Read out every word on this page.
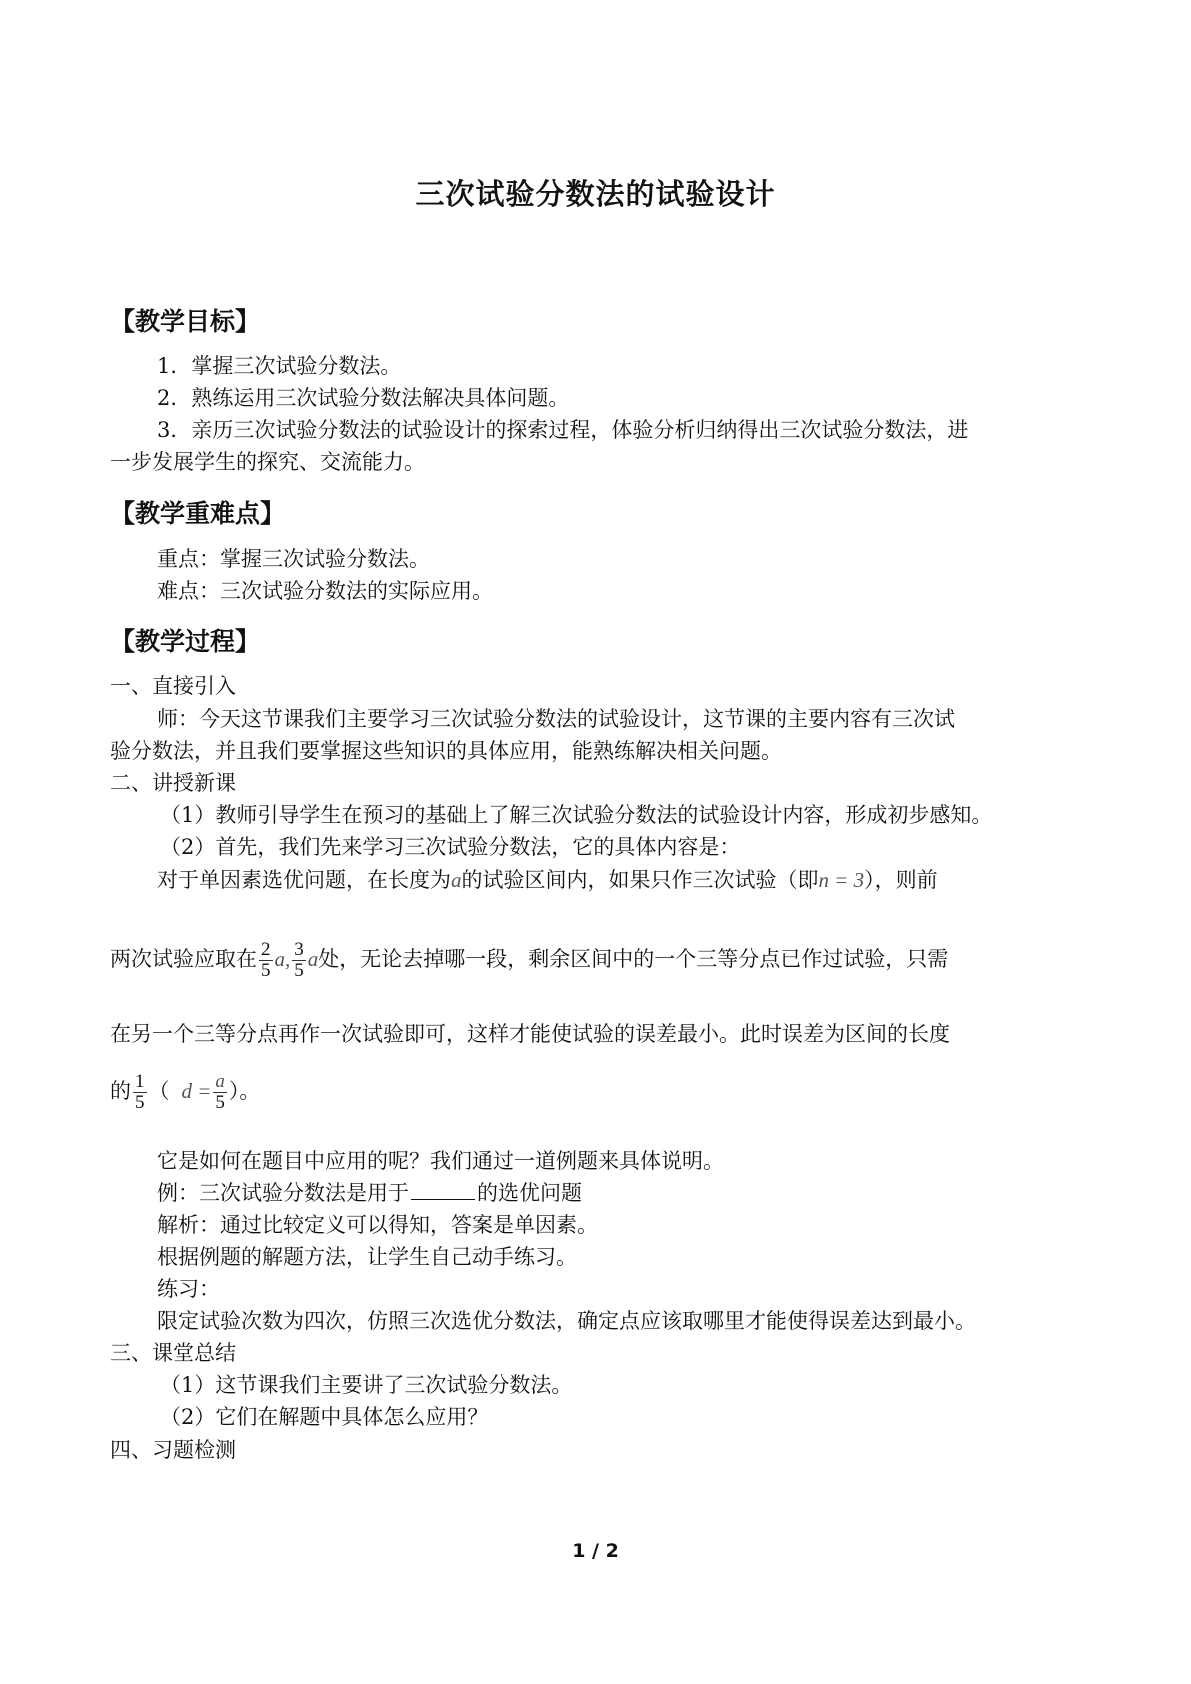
三次试验分数法的试验设计
【教学目标】
1．掌握三次试验分数法。
2．熟练运用三次试验分数法解决具体问题。
3．亲历三次试验分数法的试验设计的探索过程，体验分析归纳得出三次试验分数法，进
一步发展学生的探究、交流能力。
【教学重难点】
重点：掌握三次试验分数法。
难点：三次试验分数法的实际应用。
【教学过程】
一、直接引入
师：今天这节课我们主要学习三次试验分数法的试验设计，这节课的主要内容有三次试
验分数法，并且我们要掌握这些知识的具体应用，能熟练解决相关问题。
二、讲授新课
（1）教师引导学生在预习的基础上了解三次试验分数法的试验设计内容，形成初步感知。
（2）首先，我们先来学习三次试验分数法，它的具体内容是：
对于单因素选优问题，在长度为a的试验区间内，如果只作三次试验（即n = 3），则前
两次试验应取在 $\frac{2}{5} a$, $\frac{3}{5}$ a处，无论去掉哪一段，剩余区间中的一个三等分点已作过试验，只需
在另一个三等分点再作一次试验即可，这样才能使试验的误差最小。此时误差为区间的长度
的 $\frac{1}{5}$ （ $d = \frac{a}{5}$ ）。
它是如何在题目中应用的呢？我们通过一道例题来具体说明。
例：三次试验分数法是用于	的选优问题
解析：通过比较定义可以得知，答案是单因素。
根据例题的解题方法，让学生自己动手练习。
练习：
限定试验次数为四次，仿照三次选优分数法，确定点应该取哪里才能使得误差达到最小。
三、课堂总结
（1）这节课我们主要讲了三次试验分数法。
（2）它们在解题中具体怎么应用？
四、习题检测
1 / 2
